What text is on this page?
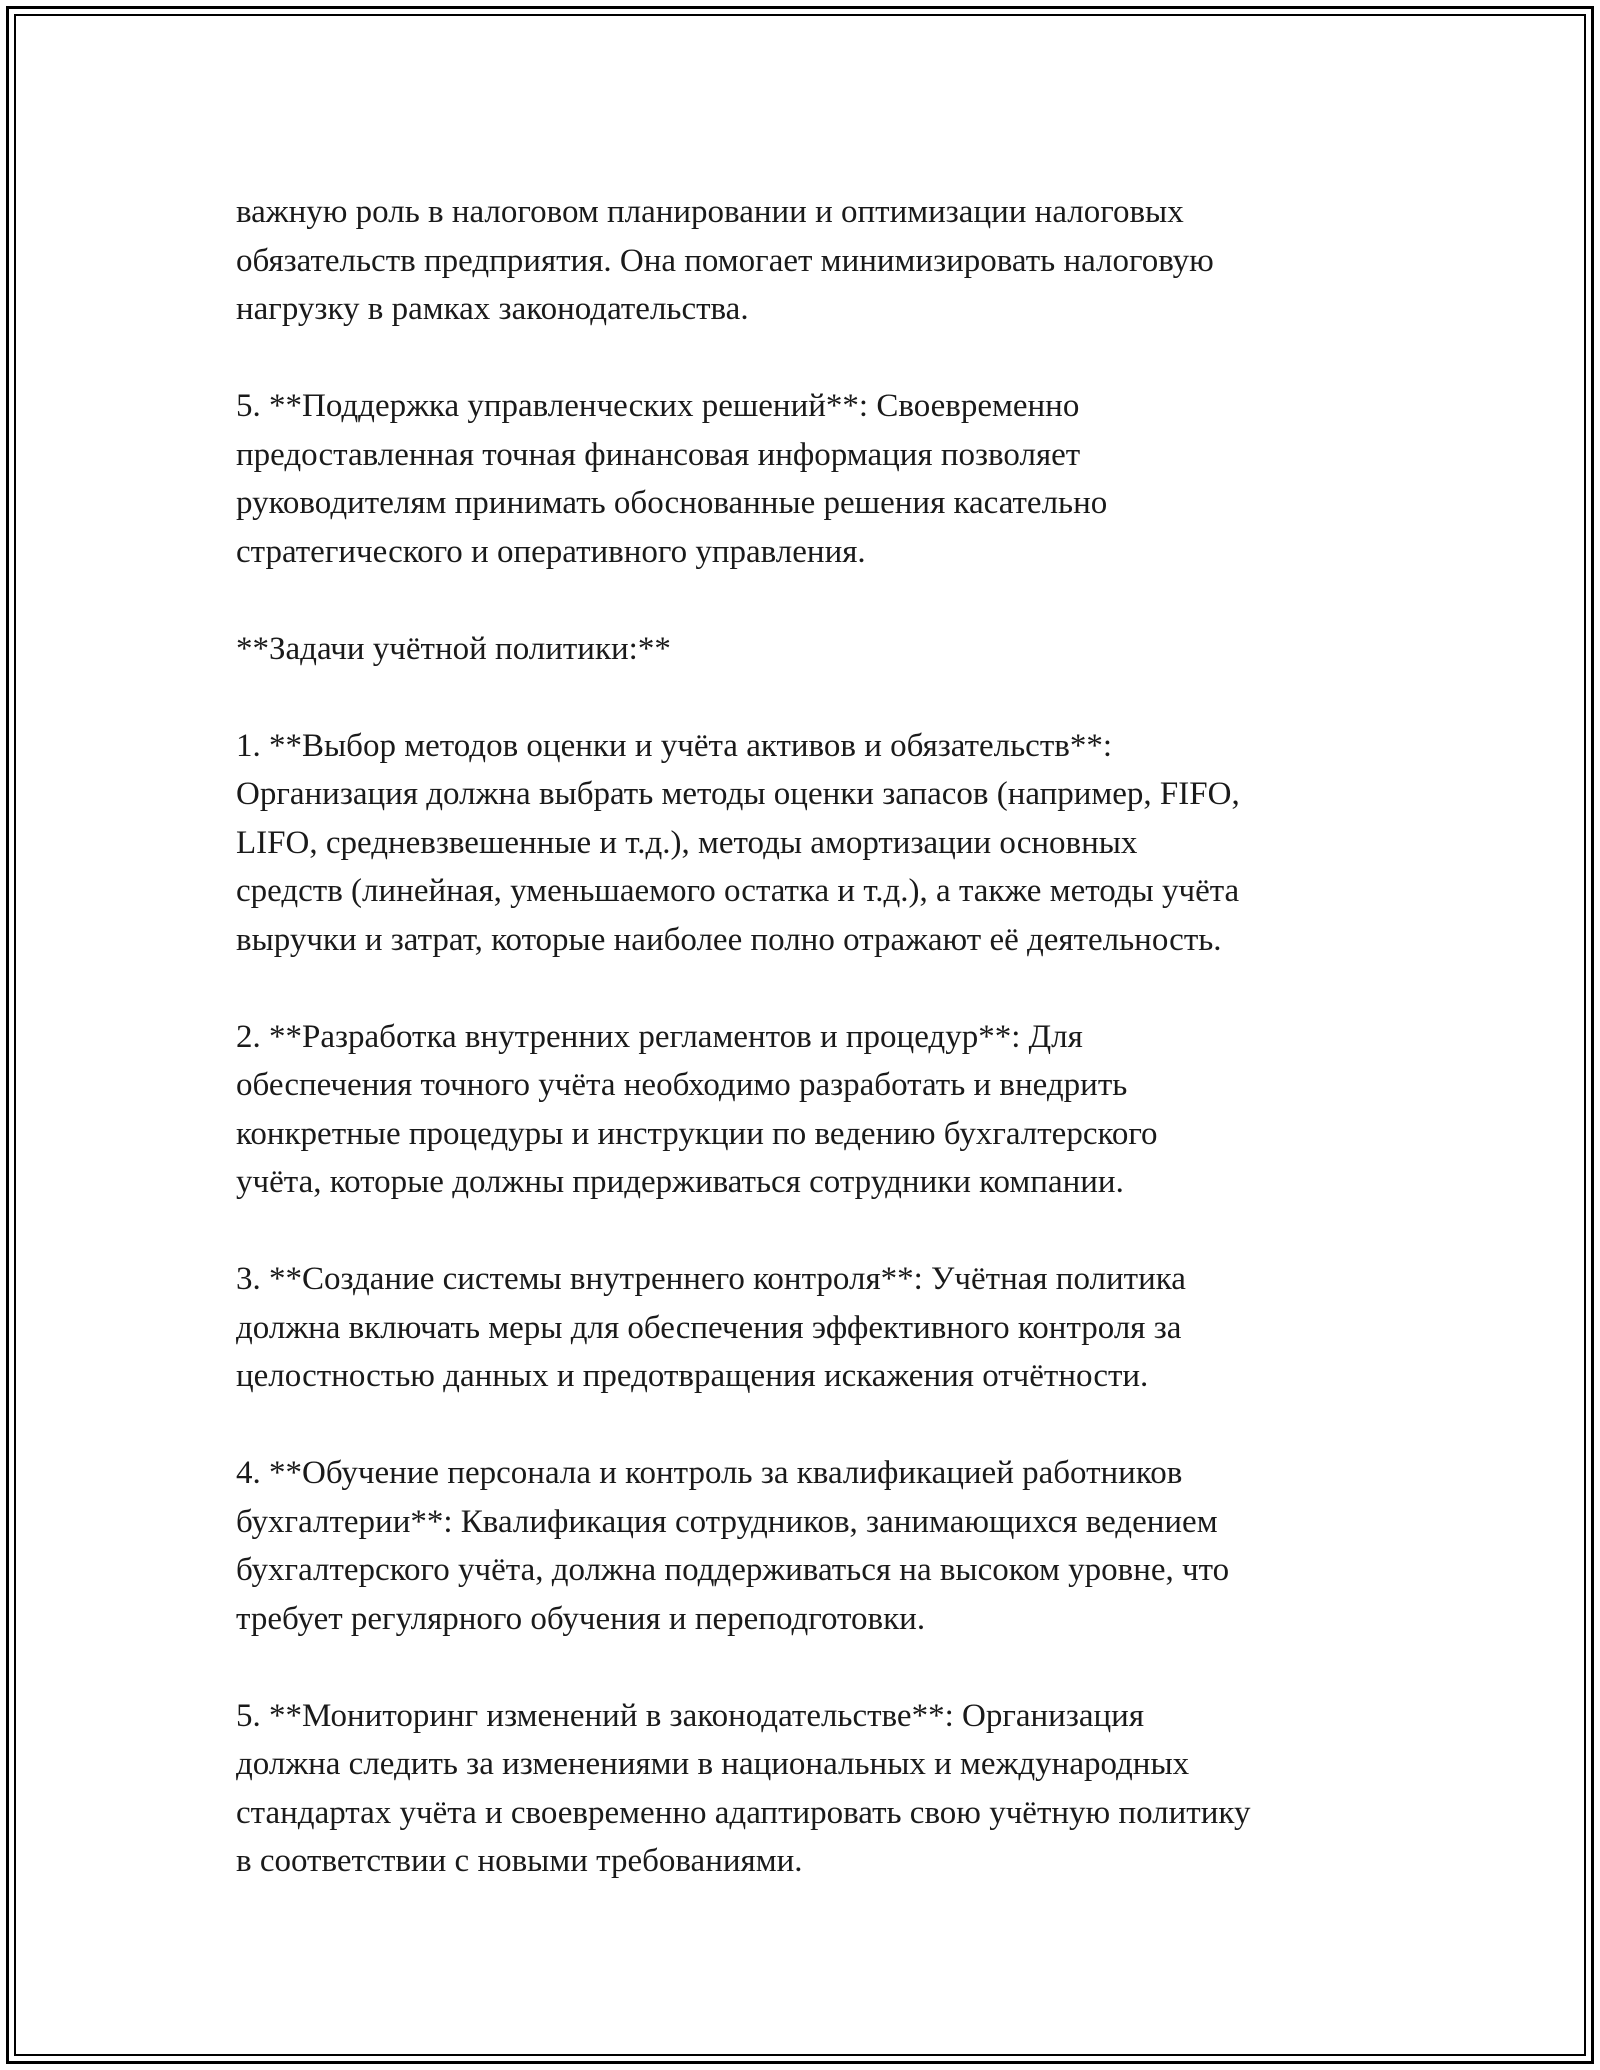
важную роль в налоговом планировании и оптимизации налоговых
обязательств предприятия. Она помогает минимизировать налоговую
нагрузку в рамках законодательства.

5. **Поддержка управленческих решений**: Своевременно
предоставленная точная финансовая информация позволяет
руководителям принимать обоснованные решения касательно
стратегического и оперативного управления.

**Задачи учётной политики:**

1. **Выбор методов оценки и учёта активов и обязательств**:
Организация должна выбрать методы оценки запасов (например, FIFO,
LIFO, средневзвешенные и т.д.), методы амортизации основных
средств (линейная, уменьшаемого остатка и т.д.), а также методы учёта
выручки и затрат, которые наиболее полно отражают её деятельность.

2. **Разработка внутренних регламентов и процедур**: Для
обеспечения точного учёта необходимо разработать и внедрить
конкретные процедуры и инструкции по ведению бухгалтерского
учёта, которые должны придерживаться сотрудники компании.

3. **Создание системы внутреннего контроля**: Учётная политика
должна включать меры для обеспечения эффективного контроля за
целостностью данных и предотвращения искажения отчётности.

4. **Обучение персонала и контроль за квалификацией работников
бухгалтерии**: Квалификация сотрудников, занимающихся ведением
бухгалтерского учёта, должна поддерживаться на высоком уровне, что
требует регулярного обучения и переподготовки.

5. **Мониторинг изменений в законодательстве**: Организация
должна следить за изменениями в национальных и международных
стандартах учёта и своевременно адаптировать свою учётную политику
в соответствии с новыми требованиями.
